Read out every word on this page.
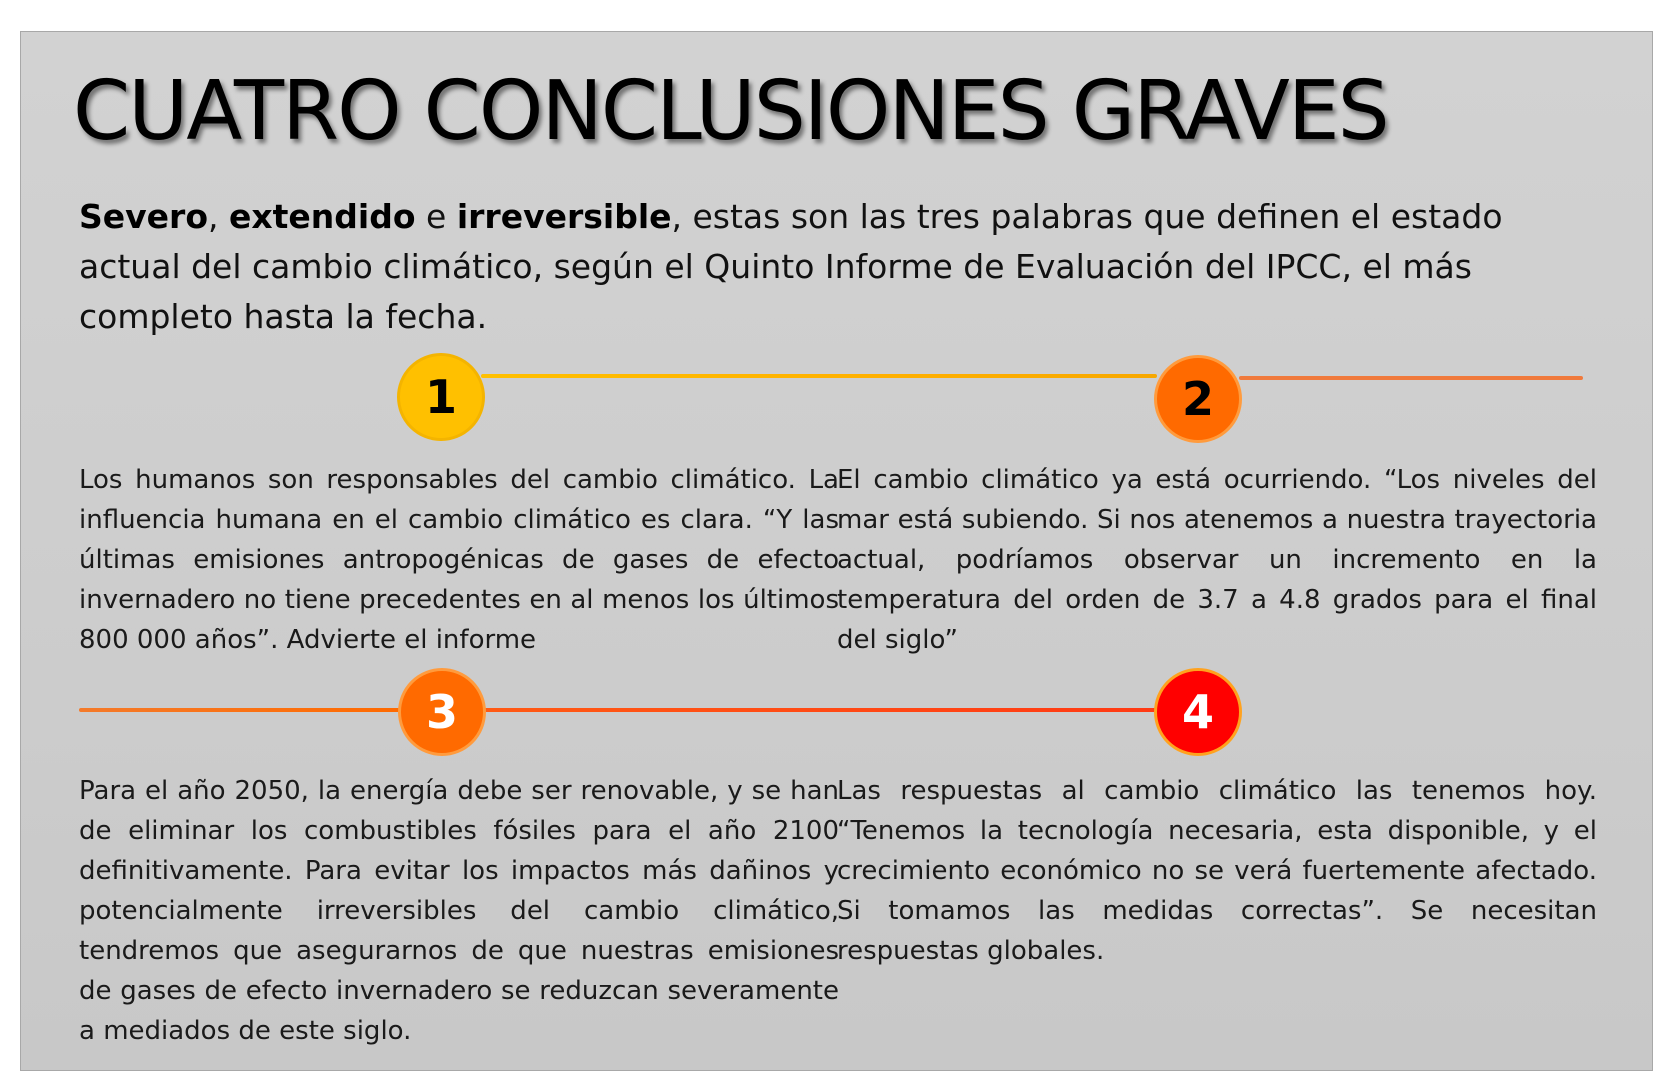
CUATRO CONCLUSIONES GRAVES

Severo, extendido e irreversible, estas son las tres palabras que definen el estado actual del cambio climático, según el Quinto Informe de Evaluación del IPCC, el más completo hasta la fecha.

1	2
3	4

Los humanos son responsables del cambio climático. La influencia humana en el cambio climático es clara. “Y las últimas emisiones antropogénicas de gases de efecto invernadero no tiene precedentes en al menos los últimos 800 000 años”. Advierte el informe

El cambio climático ya está ocurriendo. “Los niveles del mar está subiendo. Si nos atenemos a nuestra trayectoria actual, podríamos observar un incremento en la temperatura del orden de 3.7 a 4.8 grados para el final del siglo”

Para el año 2050, la energía debe ser renovable, y se han de eliminar los combustibles fósiles para el año 2100 definitivamente. Para evitar los impactos más dañinos y potencialmente irreversibles del cambio climático, tendremos que asegurarnos de que nuestras emisiones de gases de efecto invernadero se reduzcan severamente a mediados de este siglo.

Las respuestas al cambio climático las tenemos hoy. “Tenemos la tecnología necesaria, esta disponible, y el crecimiento económico no se verá fuertemente afectado. Si tomamos las medidas correctas”. Se necesitan respuestas globales.
